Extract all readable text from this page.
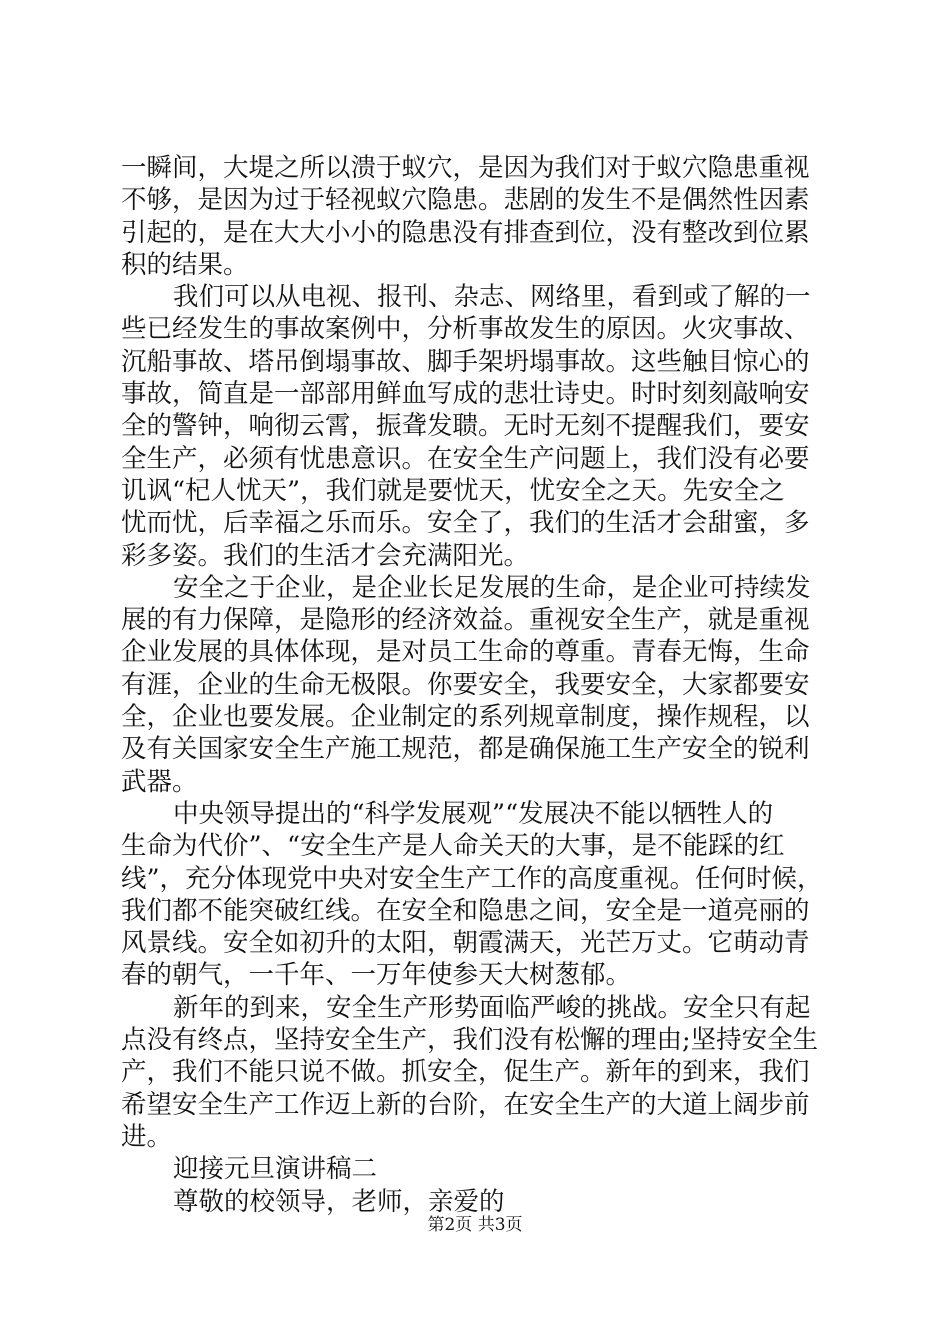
一瞬间，大堤之所以溃于蚁穴，是因为我们对于蚁穴隐患重视
不够，是因为过于轻视蚁穴隐患。悲剧的发生不是偶然性因素
引起的，是在大大小小的隐患没有排查到位，没有整改到位累
积的结果。
我们可以从电视、报刊、杂志、网络里，看到或了解的一
些已经发生的事故案例中，分析事故发生的原因。火灾事故、
沉船事故、塔吊倒塌事故、脚手架坍塌事故。这些触目惊心的
事故，简直是一部部用鲜血写成的悲壮诗史。时时刻刻敲响安
全的警钟，响彻云霄，振聋发聩。无时无刻不提醒我们，要安
全生产，必须有忧患意识。在安全生产问题上，我们没有必要
讥讽“杞人忧天”，我们就是要忧天，忧安全之天。先安全之
忧而忧，后幸福之乐而乐。安全了，我们的生活才会甜蜜，多
彩多姿。我们的生活才会充满阳光。
安全之于企业，是企业长足发展的生命，是企业可持续发
展的有力保障，是隐形的经济效益。重视安全生产，就是重视
企业发展的具体体现，是对员工生命的尊重。青春无悔，生命
有涯，企业的生命无极限。你要安全，我要安全，大家都要安
全，企业也要发展。企业制定的系列规章制度，操作规程，以
及有关国家安全生产施工规范，都是确保施工生产安全的锐利
武器。
中央领导提出的“科学发展观”“发展决不能以牺牲人的
生命为代价”、“安全生产是人命关天的大事，是不能踩的红
线”，充分体现党中央对安全生产工作的高度重视。任何时候，
我们都不能突破红线。在安全和隐患之间，安全是一道亮丽的
风景线。安全如初升的太阳，朝霞满天，光芒万丈。它萌动青
春的朝气，一千年、一万年使参天大树葱郁。
新年的到来，安全生产形势面临严峻的挑战。安全只有起
点没有终点，坚持安全生产，我们没有松懈的理由;坚持安全生
产，我们不能只说不做。抓安全，促生产。新年的到来，我们
希望安全生产工作迈上新的台阶，在安全生产的大道上阔步前
进。
迎接元旦演讲稿二
尊敬的校领导，老师，亲爱的
第2页 共3页
